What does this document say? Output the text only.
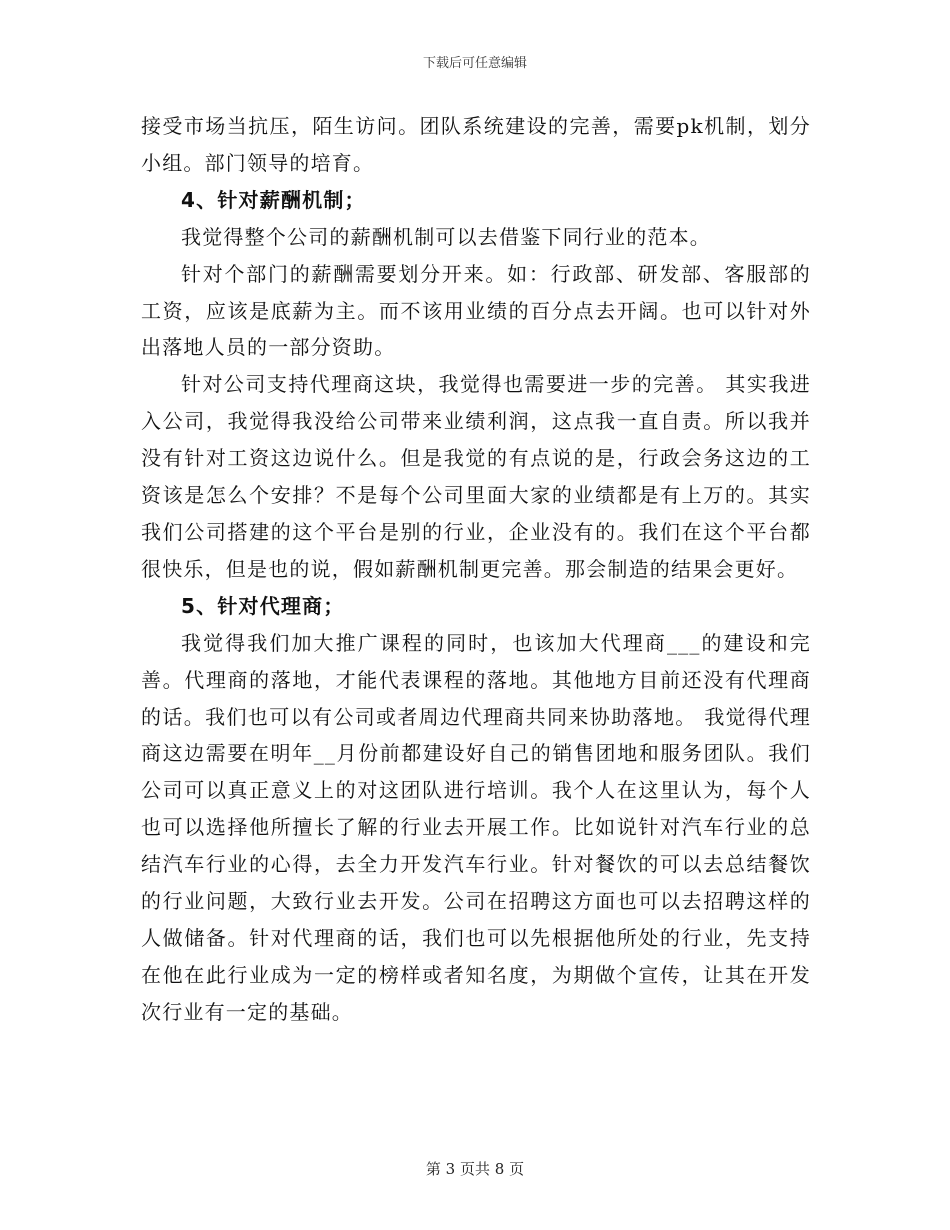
下载后可任意编辑

接受市场当抗压，陌生访问。团队系统建设的完善，需要pk机制，划分小组。部门领导的培育。

4、针对薪酬机制；

我觉得整个公司的薪酬机制可以去借鉴下同行业的范本。

针对个部门的薪酬需要划分开来。如：行政部、研发部、客服部的工资，应该是底薪为主。而不该用业绩的百分点去开阔。也可以针对外出落地人员的一部分资助。

针对公司支持代理商这块，我觉得也需要进一步的完善。 其实我进入公司，我觉得我没给公司带来业绩利润，这点我一直自责。所以我并没有针对工资这边说什么。但是我觉的有点说的是，行政会务这边的工资该是怎么个安排？不是每个公司里面大家的业绩都是有上万的。其实我们公司搭建的这个平台是别的行业，企业没有的。我们在这个平台都很快乐，但是也的说，假如薪酬机制更完善。那会制造的结果会更好。

5、针对代理商；

我觉得我们加大推广课程的同时，也该加大代理商___的建设和完善。代理商的落地，才能代表课程的落地。其他地方目前还没有代理商的话。我们也可以有公司或者周边代理商共同来协助落地。 我觉得代理商这边需要在明年__月份前都建设好自己的销售团地和服务团队。我们公司可以真正意义上的对这团队进行培训。我个人在这里认为，每个人也可以选择他所擅长了解的行业去开展工作。比如说针对汽车行业的总结汽车行业的心得，去全力开发汽车行业。针对餐饮的可以去总结餐饮的行业问题，大致行业去开发。公司在招聘这方面也可以去招聘这样的人做储备。针对代理商的话，我们也可以先根据他所处的行业，先支持在他在此行业成为一定的榜样或者知名度，为期做个宣传，让其在开发次行业有一定的基础。

第 3 页共 8 页
